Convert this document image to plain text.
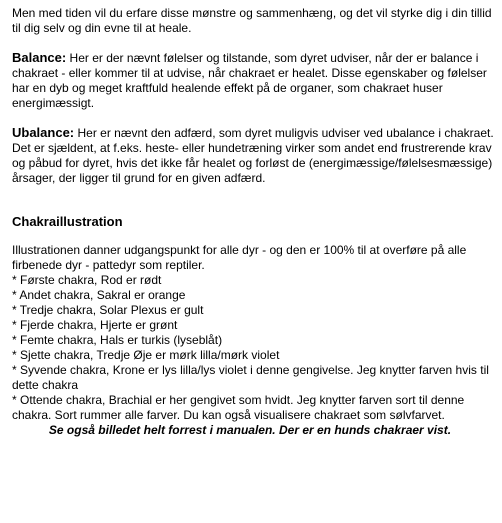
Men med tiden vil du erfare disse mønstre og sammenhæng, og det vil styrke dig i din tillid til dig selv og din evne til at heale.

Balance: Her er der nævnt følelser og tilstande, som dyret udviser, når der er balance i chakraet - eller kommer til at udvise, når chakraet er healet. Disse egenskaber og følelser har en dyb og meget kraftfuld healende effekt på de organer, som chakraet huser energimæssigt.

Ubalance: Her er nævnt den adfærd, som dyret muligvis udviser ved ubalance i chakraet. Det er sjældent, at f.eks. heste- eller hundetræning virker som andet end frustrerende krav og påbud for dyret, hvis det ikke får healet og forløst de (energimæssige/følelsesmæssige) årsager, der ligger til grund for en given adfærd.

Chakraillustration

Illustrationen danner udgangspunkt for alle dyr - og den er 100% til at overføre på alle firbenede dyr - pattedyr som reptiler.

* Første chakra, Rod er rødt

* Andet chakra, Sakral er orange

* Tredje chakra, Solar Plexus er gult

* Fjerde chakra, Hjerte er grønt

* Femte chakra, Hals er turkis (lyseblåt)

* Sjette chakra, Tredje Øje er mørk lilla/mørk violet

* Syvende chakra, Krone er lys lilla/lys violet i denne gengivelse. Jeg knytter farven hvis til dette chakra

* Ottende chakra, Brachial er her gengivet som hvidt. Jeg knytter farven sort til denne chakra. Sort rummer alle farver. Du kan også visualisere chakraet som sølvfarvet.

Se også billedet helt forrest i manualen. Der er en hunds chakraer vist.
